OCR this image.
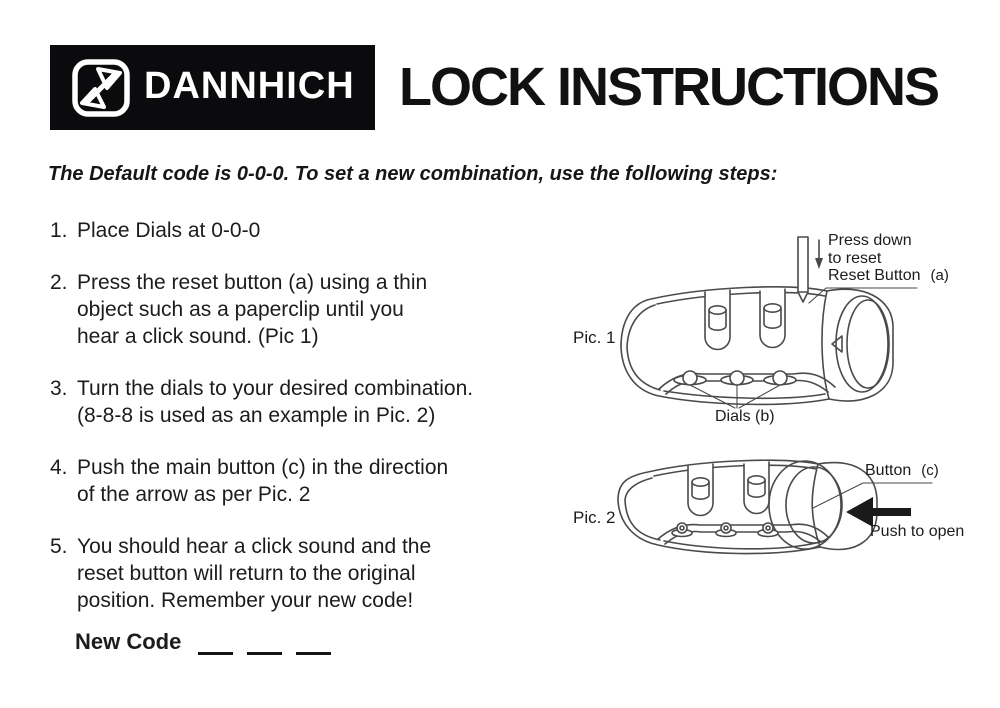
DANNHICH LOCK INSTRUCTIONS

The Default code is 0-0-0. To set a new combination, use the following steps:

1. Place Dials at 0-0-0
2. Press the reset button (a) using a thin
object such as a paperclip until you
hear a click sound. (Pic 1)
3. Turn the dials to your desired combination.
(8-8-8 is used as an example in Pic. 2)
4. Push the main button (c) in the direction
of the arrow as per Pic. 2
5. You should hear a click sound and the
reset button will return to the original
position. Remember your new code!
New Code
Pic. 1
Press down
to reset
Reset Button (a)
Dials (b)
Pic. 2
Button (c)
Push to open
